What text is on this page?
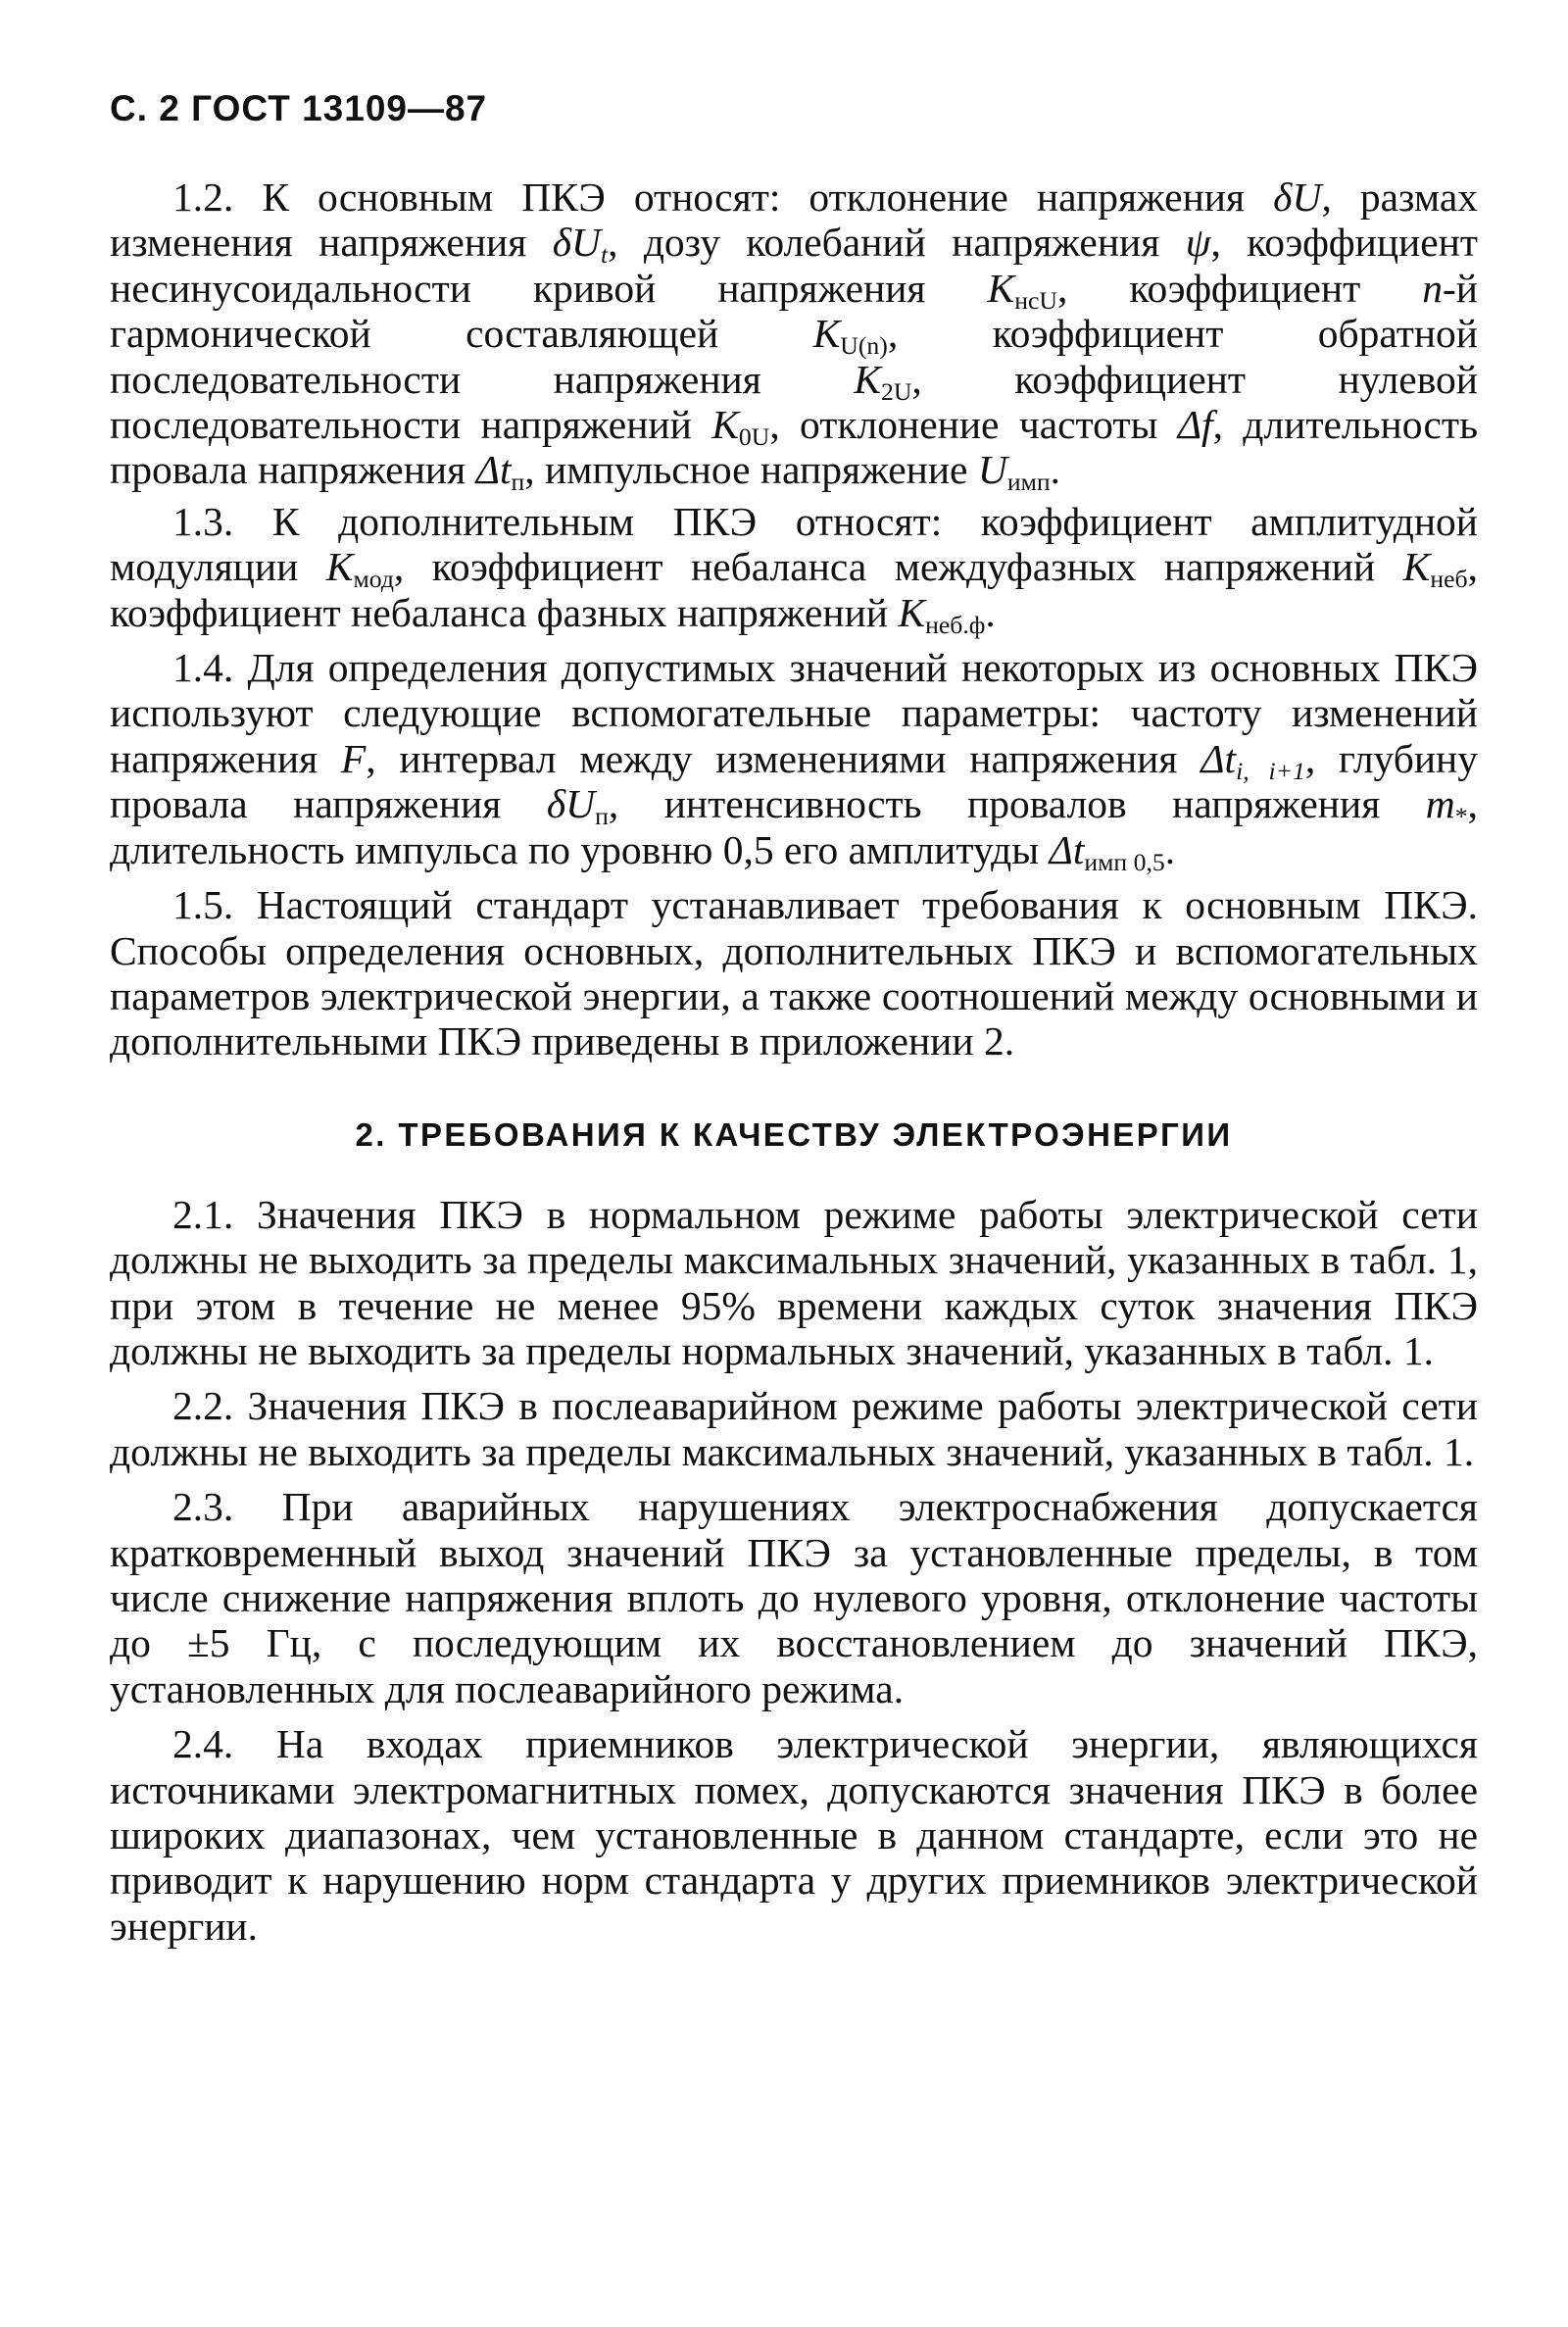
С. 2 ГОСТ 13109—87

1.2. К основным ПКЭ относят: отклонение напряжения δU, размах изменения напряжения $\delta U_t$, дозу колебаний напряжения ψ, коэффициент несинусоидальности кривой напряжения $K_{нсU}$, коэффициент n-й гармонической составляющей $K_{U(n)}$, коэффициент обратной последовательности напряжения $K_{2U}$, коэффициент нулевой последовательности напряжений $K_{0U}$, отклонение частоты Δf, длительность провала напряжения $\Delta t_п$, импульсное напряжение $U_{имп}$.

1.3. К дополнительным ПКЭ относят: коэффициент амплитудной модуляции $K_{мод}$, коэффициент небаланса междуфазных напряжений $K_{неб}$, коэффициент небаланса фазных напряжений $K_{неб.ф}$.

1.4. Для определения допустимых значений некоторых из основных ПКЭ используют следующие вспомогательные параметры: частоту изменений напряжения F, интервал между изменениями напряжения $\Delta t_{i, i+1}$, глубину провала напряжения $\delta U_п$, интенсивность провалов напряжения $m_*$, длительность импульса по уровню 0,5 его амплитуды $\Delta t_{имп 0,5}$.

1.5. Настоящий стандарт устанавливает требования к основным ПКЭ. Способы определения основных, дополнительных ПКЭ и вспомогательных параметров электрической энергии, а также соотношений между основными и дополнительными ПКЭ приведены в приложении 2.

2. ТРЕБОВАНИЯ К КАЧЕСТВУ ЭЛЕКТРОЭНЕРГИИ

2.1. Значения ПКЭ в нормальном режиме работы электрической сети должны не выходить за пределы максимальных значений, указанных в табл. 1, при этом в течение не менее 95% времени каждых суток значения ПКЭ должны не выходить за пределы нормальных значений, указанных в табл. 1.

2.2. Значения ПКЭ в послеаварийном режиме работы электрической сети должны не выходить за пределы максимальных значений, указанных в табл. 1.

2.3. При аварийных нарушениях электроснабжения допускается кратковременный выход значений ПКЭ за установленные пределы, в том числе снижение напряжения вплоть до нулевого уровня, отклонение частоты до ±5 Гц, с последующим их восстановлением до значений ПКЭ, установленных для послеаварийного режима.

2.4. На входах приемников электрической энергии, являющихся источниками электромагнитных помех, допускаются значения ПКЭ в более широких диапазонах, чем установленные в данном стандарте, если это не приводит к нарушению норм стандарта у других приемников электрической энергии.
